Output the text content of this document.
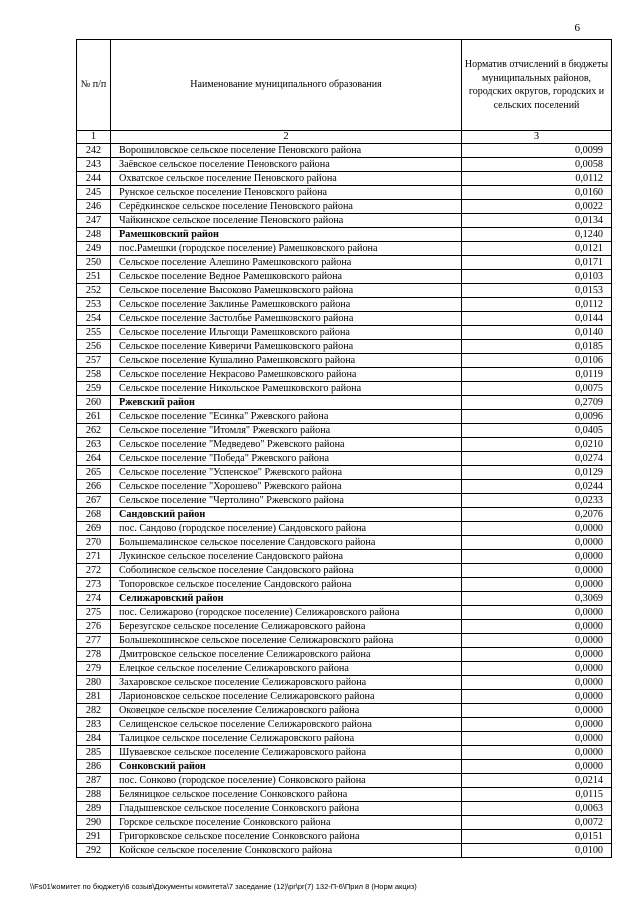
6
№ п/п	Наименование муниципального образования	Норматив отчислений в бюджеты муниципальных районов, городских округов, городских и сельских поселений
1	2	3
242	Ворошиловское сельское поселение Пеновского района	0,0099
243	Заёвское сельское поселение Пеновского района	0,0058
244	Охватское сельское поселение Пеновского района	0,0112
245	Рунское сельское поселение Пеновского района	0,0160
246	Серёдкинское сельское поселение Пеновского района	0,0022
247	Чайкинское сельское поселение Пеновского района	0,0134
248	Рамешковский район	0,1240
249	пос.Рамешки (городское поселение) Рамешковского района	0,0121
250	Сельское поселение Алешино Рамешковского района	0,0171
251	Сельское поселение Ведное Рамешковского района	0,0103
252	Сельское поселение Высоково Рамешковского района	0,0153
253	Сельское поселение Заклинье Рамешковского района	0,0112
254	Сельское поселение Застолбье Рамешковского района	0,0144
255	Сельское поселение Ильгощи Рамешковского района	0,0140
256	Сельское поселение Киверичи Рамешковского района	0,0185
257	Сельское поселение Кушалино Рамешковского района	0,0106
258	Сельское поселение Некрасово Рамешковского района	0,0119
259	Сельское поселение Никольское Рамешковского района	0,0075
260	Ржевский район	0,2709
261	Сельское поселение "Есинка" Ржевского района	0,0096
262	Сельское поселение "Итомля" Ржевского района	0,0405
263	Сельское поселение "Медведево" Ржевского района	0,0210
264	Сельское поселение "Победа" Ржевского района	0,0274
265	Сельское поселение "Успенское" Ржевского района	0,0129
266	Сельское поселение "Хорошево" Ржевского района	0,0244
267	Сельское поселение "Чертолино" Ржевского района	0,0233
268	Сандовский район	0,2076
269	пос. Сандово (городское поселение) Сандовского района	0,0000
270	Большемалинское сельское поселение Сандовского района	0,0000
271	Лукинское сельское поселение Сандовского района	0,0000
272	Соболинское сельское поселение Сандовского района	0,0000
273	Топоровское сельское поселение Сандовского района	0,0000
274	Селижаровский район	0,3069
275	пос. Селижарово (городское поселение) Селижаровского района	0,0000
276	Березугское сельское поселение Селижаровского района	0,0000
277	Большекошинское сельское поселение Селижаровского района	0,0000
278	Дмитровское сельское поселение Селижаровского района	0,0000
279	Елецкое сельское поселение Селижаровского района	0,0000
280	Захаровское сельское поселение Селижаровского района	0,0000
281	Ларионовское сельское поселение Селижаровского района	0,0000
282	Оковецкое сельское поселение Селижаровского района	0,0000
283	Селищенское сельское поселение Селижаровского района	0,0000
284	Талицкое сельское поселение Селижаровского района	0,0000
285	Шуваевское сельское поселение Селижаровского района	0,0000
286	Сонковский район	0,0000
287	пос. Сонково (городское поселение) Сонковского района	0,0214
288	Беляницкое сельское поселение Сонковского района	0,0115
289	Гладышевское сельское поселение Сонковского района	0,0063
290	Горское сельское поселение Сонковского района	0,0072
291	Григорковское сельское поселение Сонковского района	0,0151
292	Койское сельское поселение Сонковского района	0,0100
\\Fs01\комитет по бюджету\6 созыв\Документы комитета\7 заседание (12)\pr\pr(7) 132-П-6\Прил 8 (Норм акциз)
